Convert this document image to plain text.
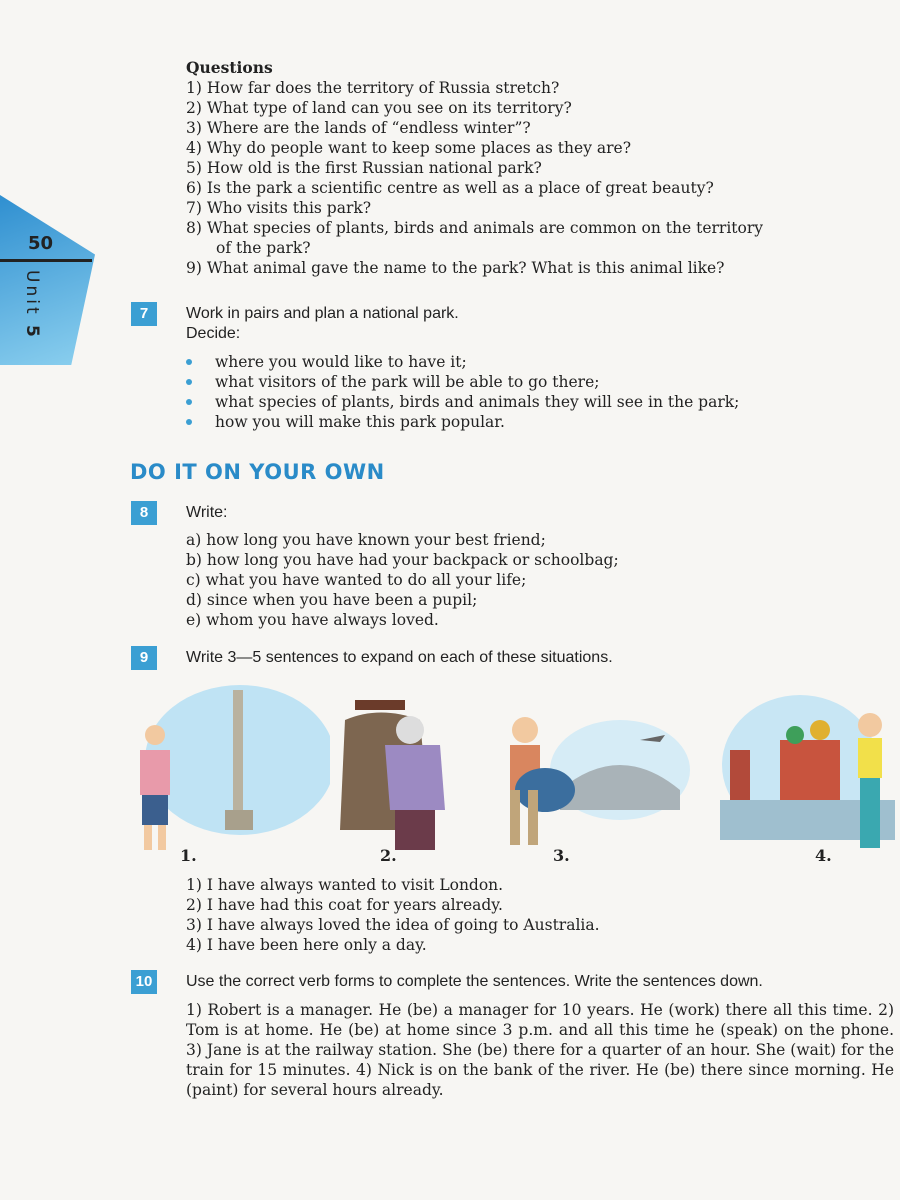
50
Unit 5
Questions
1) How far does the territory of Russia stretch?
2) What type of land can you see on its territory?
3) Where are the lands of “endless winter”?
4) Why do people want to keep some places as they are?
5) How old is the first Russian national park?
6) Is the park a scientific centre as well as a place of great beauty?
7) Who visits this park?
8) What species of plants, birds and animals are common on the territory
of the park?
9) What animal gave the name to the park? What is this animal like?
7	Work in pairs and plan a national park.
Decide:
where you would like to have it;
what visitors of the park will be able to go there;
what species of plants, birds and animals they will see in the park;
how you will make this park popular.
DO IT ON YOUR OWN
8	Write:
a) how long you have known your best friend;
b) how long you have had your backpack or schoolbag;
c) what you have wanted to do all your life;
d) since when you have been a pupil;
e) whom you have always loved.
9	Write 3—5 sentences to expand on each of these situations.
1.	2.	3.	4.
1) I have always wanted to visit London.
2) I have had this coat for years already.
3) I have always loved the idea of going to Australia.
4) I have been here only a day.
10 Use the correct verb forms to complete the sentences. Write the sentences down.
1) Robert is a manager. He (be) a manager for 10 years. He (work) there all this time. 2) Tom is at home. He (be) at home since 3 p.m. and all this time he (speak) on the phone. 3) Jane is at the railway station. She (be) there for a quarter of an hour. She (wait) for the train for 15 minutes. 4) Nick is on the bank of the river. He (be) there since morning. He (paint) for several hours already.
